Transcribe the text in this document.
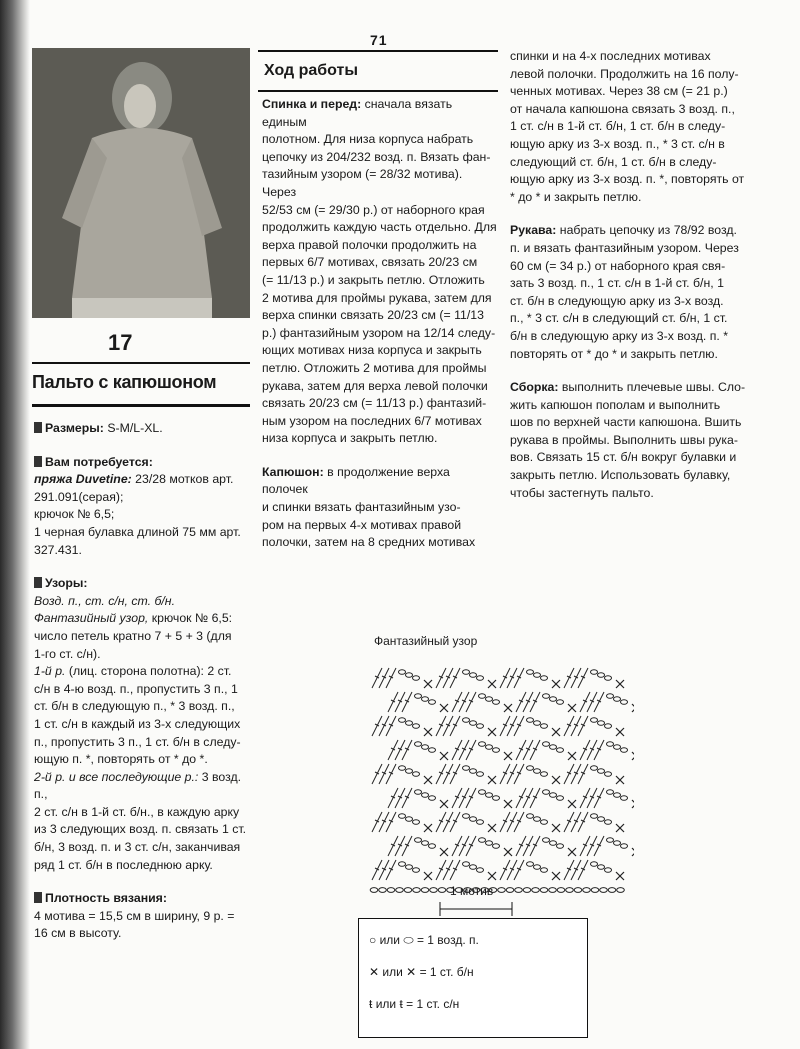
71
17
Пальто с капюшоном

Размеры: S-M/L-XL.

Вам потребуется:

пряжа Duvetine: 23/28 мотков арт.

291.091(серая);

крючок № 6,5;

1 черная булавка длиной 75 мм арт.

327.431.

Узоры:

Возд. п., ст. с/н, ст. б/н.

Фантазийный узор, крючок № 6,5:

число петель кратно 7 + 5 + 3 (для

1-го ст. с/н).

1-й р. (лиц. сторона полотна): 2 ст.

с/н в 4-ю возд. п., пропустить 3 п., 1

ст. б/н в следующую п., * 3 возд. п.,

1 ст. с/н в каждый из 3-х следующих

п., пропустить 3 п., 1 ст. б/н в следу-

ющую п. *, повторять от * до *.

2-й р. и все последующие р.: 3 возд. п.,

2 ст. с/н в 1-й ст. б/н., в каждую арку

из 3 следующих возд. п. связать 1 ст.

б/н, 3 возд. п. и 3 ст. с/н, заканчивая

ряд 1 ст. б/н в последнюю арку.

Плотность вязания:

4 мотива = 15,5 см в ширину, 9 р. =

16 см в высоту.

Ход работы

Спинка и перед: сначала вязать единым

полотном. Для низа корпуса набрать

цепочку из 204/232 возд. п. Вязать фан-

тазийным узором (= 28/32 мотива). Через

52/53 см (= 29/30 р.) от наборного края

продолжить каждую часть отдельно. Для

верха правой полочки продолжить на

первых 6/7 мотивах, связать 20/23 см

(= 11/13 р.) и закрыть петлю. Отложить

2 мотива для проймы рукава, затем для

верха спинки связать 20/23 см (= 11/13

р.) фантазийным узором на 12/14 следу-

ющих мотивах низа корпуса и закрыть

петлю. Отложить 2 мотива для проймы

рукава, затем для верха левой полочки

связать 20/23 см (= 11/13 р.) фантазий-

ным узором на последних 6/7 мотивах

низа корпуса и закрыть петлю.

Капюшон: в продолжение верха полочек

и спинки вязать фантазийным узо-

ром на первых 4-х мотивах правой

полочки, затем на 8 средних мотивах

спинки и на 4-х последних мотивах

левой полочки. Продолжить на 16 полу-

ченных мотивах. Через 38 см (= 21 р.)

от начала капюшона связать 3 возд. п.,

1 ст. с/н в 1-й ст. б/н, 1 ст. б/н в следу-

ющую арку из 3-х возд. п., * 3 ст. с/н в

следующий ст. б/н, 1 ст. б/н в следу-

ющую арку из 3-х возд. п. *, повторять от

* до * и закрыть петлю.

Рукава: набрать цепочку из 78/92 возд.

п. и вязать фантазийным узором. Через

60 см (= 34 р.) от наборного края свя-

зать 3 возд. п., 1 ст. с/н в 1-й ст. б/н, 1

ст. б/н в следующую арку из 3-х возд.

п., * 3 ст. с/н в следующий ст. б/н, 1 ст.

б/н в следующую арку из 3-х возд. п. *

повторять от * до * и закрыть петлю.

Сборка: выполнить плечевые швы. Сло-

жить капюшон пополам и выполнить

шов по верхней части капюшона. Вшить

рукава в проймы. Выполнить швы рука-

вов. Связать 15 ст. б/н вокруг булавки и

закрыть петлю. Использовать булавку,

чтобы застегнуть пальто.

Фантазийный узор
1 мотив
○ или ⬭ = 1 возд. п.
✕ или ✕ = 1 ст. б/н
ŧ или ŧ = 1 ст. с/н
